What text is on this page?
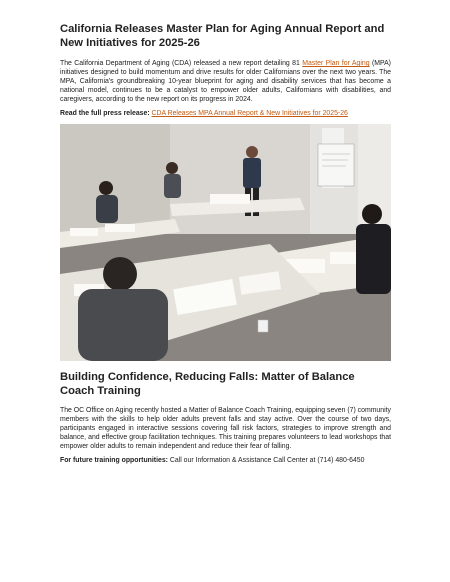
California Releases Master Plan for Aging Annual Report and New Initiatives for 2025-26

The California Department of Aging (CDA) released a new report detailing 81 Master Plan for Aging (MPA) initiatives designed to build momentum and drive results for older Californians over the next two years. The MPA, California's groundbreaking 10-year blueprint for aging and disability services that has become a national model, continues to be a catalyst to empower older adults, Californians with disabilities, and caregivers, according to the new report on its progress in 2024.

Read the full press release: CDA Releases MPA Annual Report & New Initiatives for 2025-26

Building Confidence, Reducing Falls: Matter of Balance Coach Training

The OC Office on Aging recently hosted a Matter of Balance Coach Training, equipping seven (7) community members with the skills to help older adults prevent falls and stay active. Over the course of two days, participants engaged in interactive sessions covering fall risk factors, strategies to improve strength and balance, and effective group facilitation techniques. This training prepares volunteers to lead workshops that empower older adults to remain independent and reduce their fear of falling.

For future training opportunities: Call our Information & Assistance Call Center at (714) 480-6450
